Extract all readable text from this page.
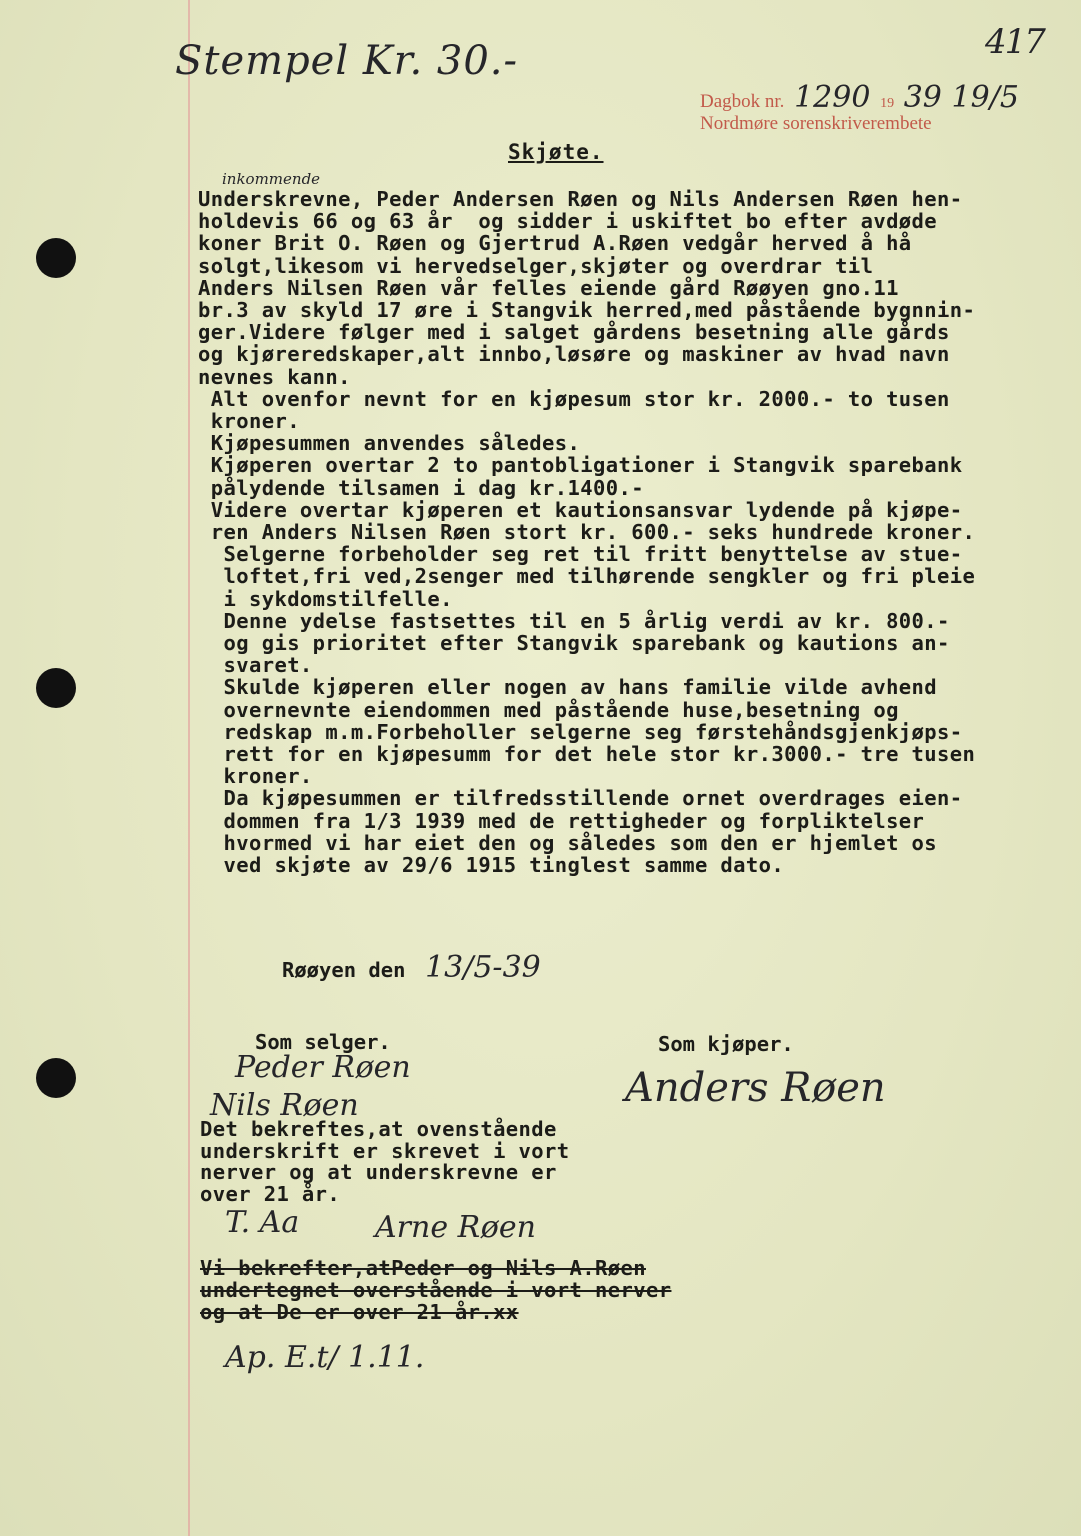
417
Stempel Kr. 30.-
Dagbok nr. 1290 19 39 19/5
Nordmøre sorenskriverembete
Skjøte.
inkommende
Underskrevne, Peder Andersen Røen og Nils Andersen Røen hen-
holdevis 66 og 63 år  og sidder i uskiftet bo efter avdøde
koner Brit O. Røen og Gjertrud A.Røen vedgår herved å hå
solgt,likesom vi hervedselger,skjøter og overdrar til
Anders Nilsen Røen vår felles eiende gård Røøyen gno.11
br.3 av skyld 17 øre i Stangvik herred,med påstående bygnnin-
ger.Videre følger med i salget gårdens besetning alle gårds
og kjøreredskaper,alt innbo,løsøre og maskiner av hvad navn
nevnes kann.
Alt ovenfor nevnt for en kjøpesum stor kr. 2000.- to tusen
kroner.
Kjøpesummen anvendes således.
Kjøperen overtar 2 to pantobligationer i Stangvik sparebank
pålydende tilsamen i dag kr.1400.-
Videre overtar kjøperen et kautionsansvar lydende på kjøpe-
ren Anders Nilsen Røen stort kr. 600.- seks hundrede kroner.
Selgerne forbeholder seg ret til fritt benyttelse av stue-
loftet,fri ved,2senger med tilhørende sengkler og fri pleie
i sykdomstilfelle.
Denne ydelse fastsettes til en 5 årlig verdi av kr. 800.-
og gis prioritet efter Stangvik sparebank og kautions an-
svaret.
Skulde kjøperen eller nogen av hans familie vilde avhend
overnevnte eiendommen med påstående huse,besetning og
redskap m.m.Forbeholler selgerne seg førstehåndsgjenkjøps-
rett for en kjøpesumm for det hele stor kr.3000.- tre tusen
kroner.
Da kjøpesummen er tilfredsstillende ornet overdrages eien-
dommen fra 1/3 1939 med de rettigheder og forpliktelser
hvormed vi har eiet den og således som den er hjemlet os
ved skjøte av 29/6 1915 tinglest samme dato.
Røøyen den 13/5-39
Som selger.
Peder Røen
Nils Røen
Som kjøper.
Anders Røen
Det bekreftes,at ovenstående
underskrift er skrevet i vort
nerver og at underskrevne er
over 21 år.
T. Aa	Arne Røen
Vi bekrefter,atPeder og Nils A.Røen
undertegnet overstående i vort nerver
og at De er over 21 år.xx
Ap. E.t/ 1.11.
